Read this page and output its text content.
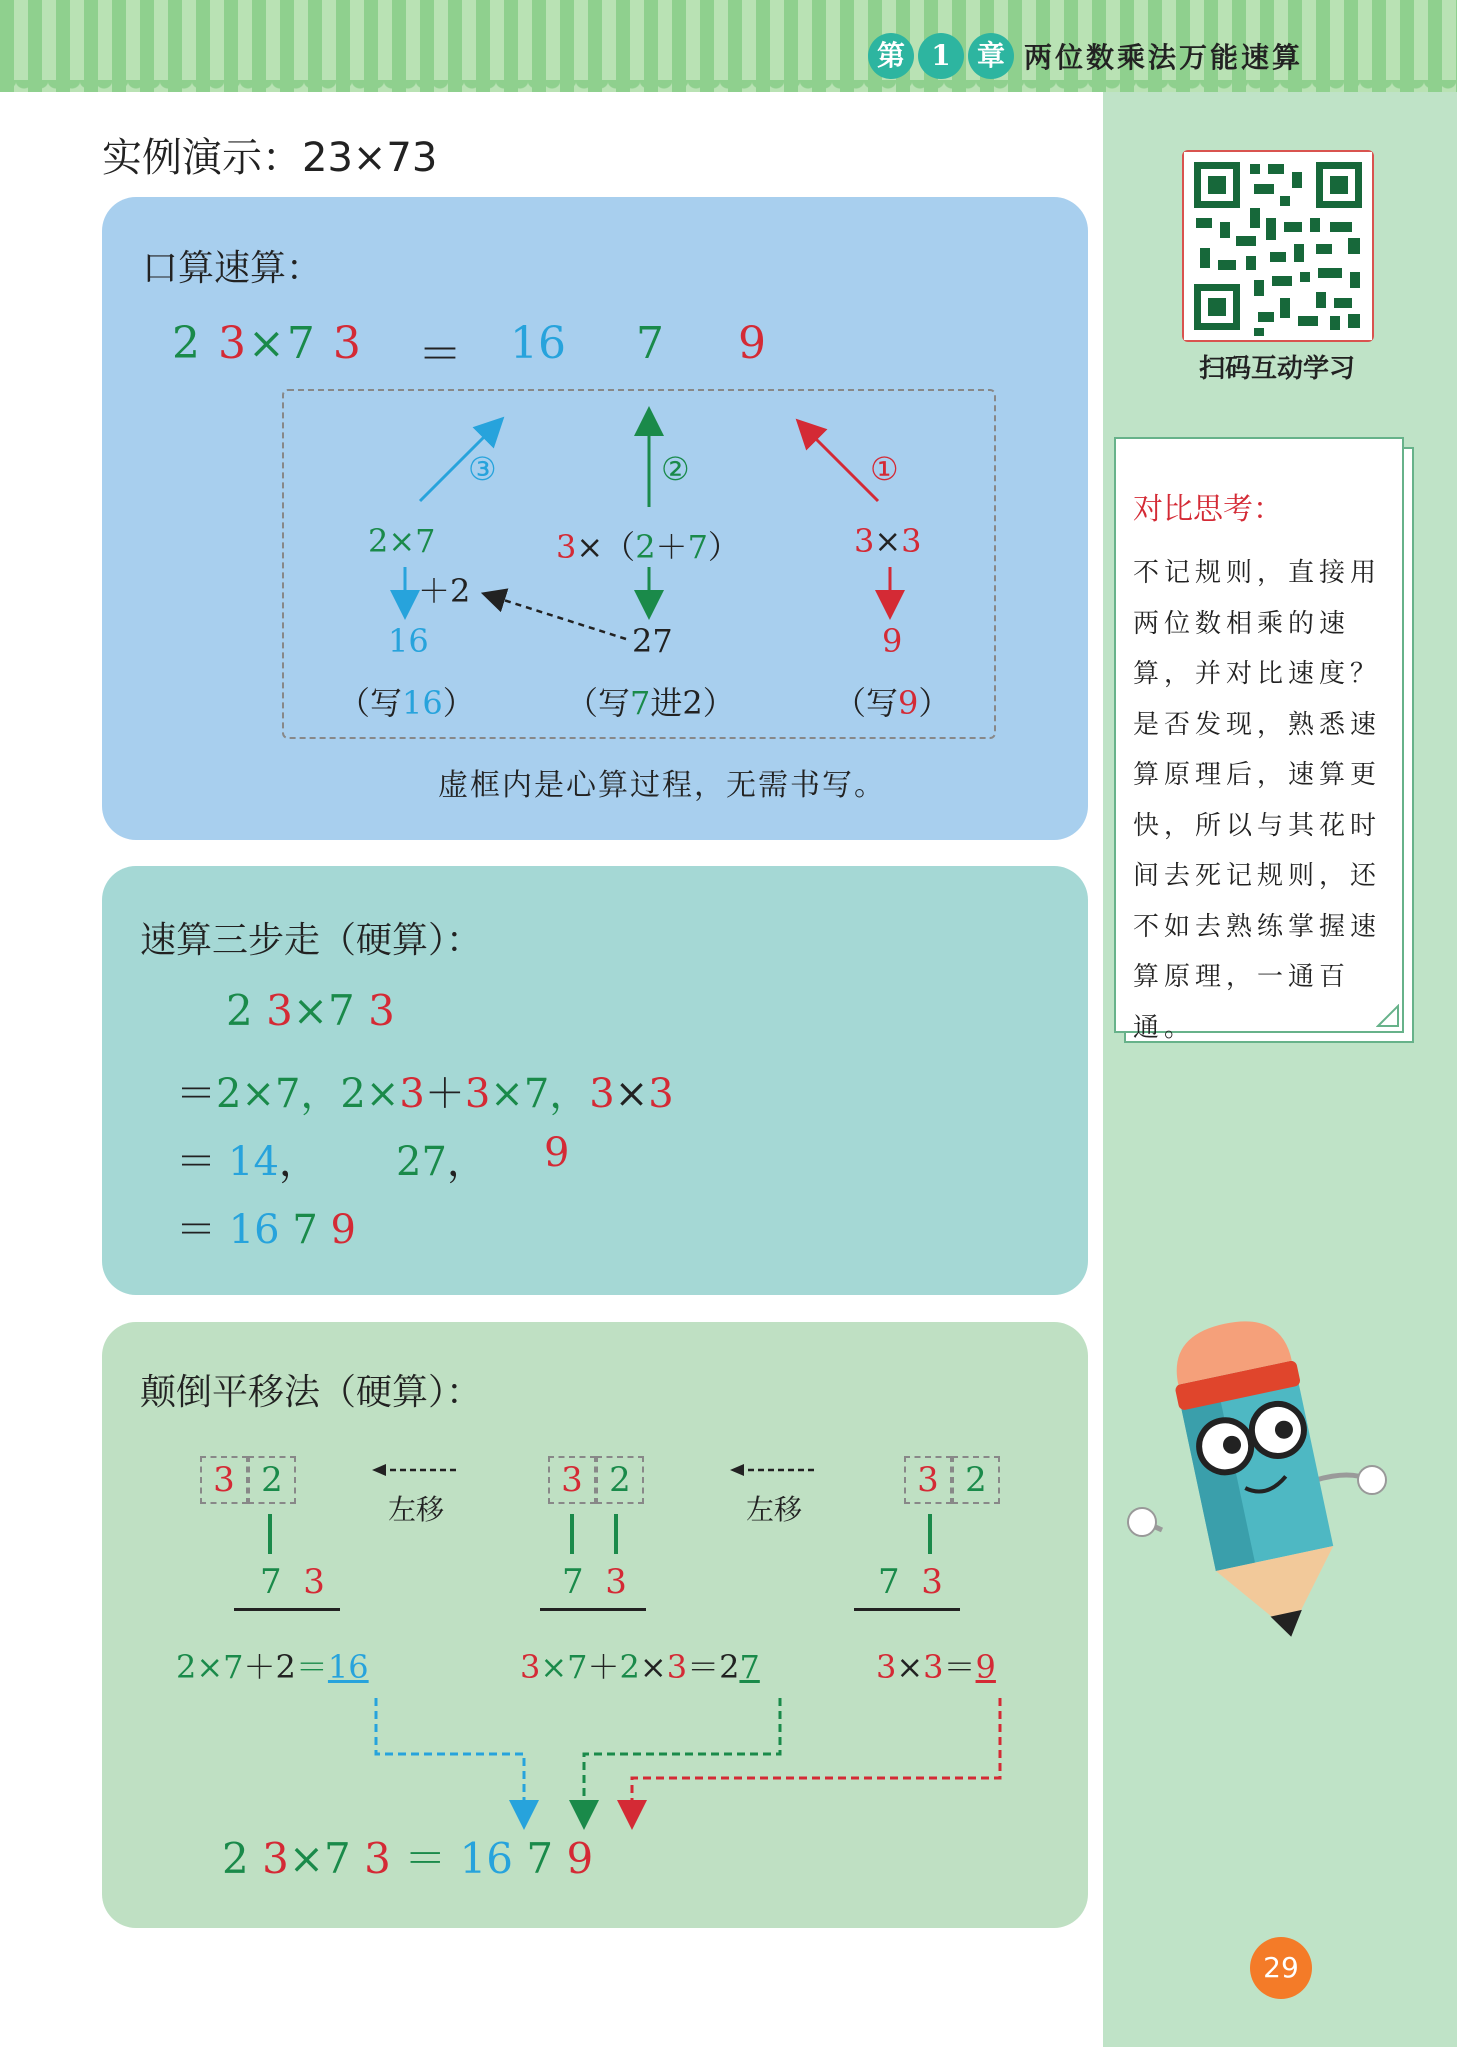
第 1 章 两位数乘法万能速算
扫码互动学习
对比思考：
不记规则，直接用两位数相乘的速算，并对比速度？是否发现，熟悉速算原理后，速算更快，所以与其花时间去死记规则，还不如去熟练掌握速算原理，一通百通。
29
实例演示：23×73
口算速算：
2 3×7 3 ＝ 16 7 9
③	②	①
2×7
＋2
16
（写16）
3×（2＋7）
27
（写7进2）
3×3
9
（写9）
虚框内是心算过程，无需书写。
速算三步走（硬算）：
2 3×7 3
＝2×7，2×3＋3×7，3×3
＝ 14， 27， 9
＝ 16 7 9
颠倒平移法（硬算）：
3 2
7 3
3 2
7 3
3 2
7 3
左移	左移
2×7＋2＝16	3×7＋2×3＝27	3×3＝9
2 3×7 3 ＝ 16 7 9
